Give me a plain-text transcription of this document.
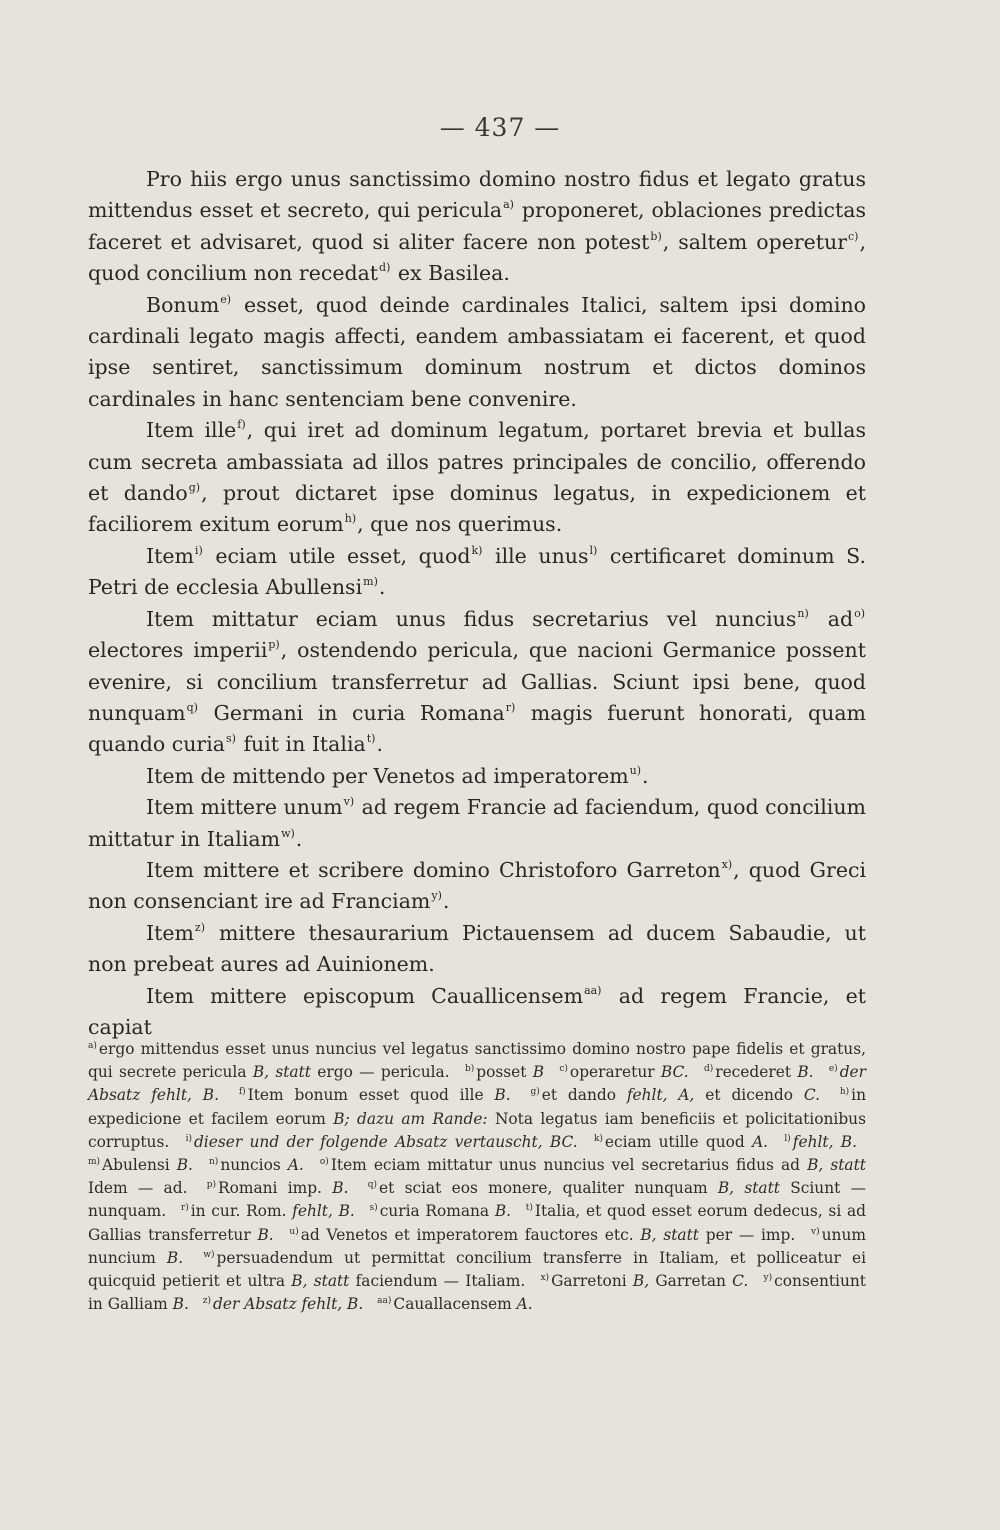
— 437 —

Pro hiis ergo unus sanctissimo domino nostro fidus et legato gratus mittendus esset et secreto, qui pericula$^{a)}$ proponeret, oblaciones predictas faceret et advisaret, quod si aliter facere non potest$^{b)}$, saltem operetur$^{c)}$, quod concilium non recedat$^{d)}$ ex Basilea.

Bonum$^{e)}$ esset, quod deinde cardinales Italici, saltem ipsi domino cardinali legato magis affecti, eandem ambassiatam ei facerent, et quod ipse sentiret, sanctissimum dominum nostrum et dictos dominos cardinales in hanc sentenciam bene convenire.

Item ille$^{f)}$, qui iret ad dominum legatum, portaret brevia et bullas cum secreta ambassiata ad illos patres principales de concilio, offerendo et dando$^{g)}$, prout dictaret ipse dominus legatus, in expedicionem et faciliorem exitum eorum$^{h)}$, que nos querimus.

Item$^{i)}$ eciam utile esset, quod$^{k)}$ ille unus$^{l)}$ certificaret dominum S. Petri de ecclesia Abullensi$^{m)}$.

Item mittatur eciam unus fidus secretarius vel nuncius$^{n)}$ $ad^{o)}$ electores imperii$^{p)}$, ostendendo pericula, que nacioni Germanice possent evenire, si concilium transferretur ad Gallias. Sciunt ipsi bene, quod nunquam$^{q)}$ Germani in curia Romana$^{r)}$ magis fuerunt honorati, quam quando curia$^{s)}$ fuit in Italia$^{t)}$.

Item de mittendo per Venetos ad imperatorem$^{u)}$.

Item mittere unum$^{v)}$ ad regem Francie ad faciendum, quod concilium mittatur in Italiam$^{w)}$.

Item mittere et scribere domino Christoforo Garreton$^{x)}$, quod Greci non consenciant ire ad Franciam$^{y)}$.

Item$^{z)}$ mittere thesaurarium Pictauensem ad ducem Sabaudie, ut non prebeat aures ad Auinionem.

Item mittere episcopum Cauallicensem$^{aa)}$ ad regem Francie, et capiat

$^{a)}$ ergo mittendus esset unus nuncius vel legatus sanctissimo domino nostro pape fidelis et gratus, qui secrete pericula B, statt ergo — pericula. $^{b)}$ posset B $^{c)}$ operaretur BC. $^{d)}$ recederet B. $^{e)}$ der Absatz fehlt, B. $^{f)}$ Item bonum esset quod ille B. $^{g)}$ et dando fehlt, A, et dicendo C. $^{h)}$ in expedicione et facilem eorum B; dazu am Rande: Nota legatus iam beneficiis et policitationibus corruptus. $^{i)}$ dieser und der folgende Absatz vertauscht, BC. $^{k)}$ eciam utille quod A. $^{l)}$ fehlt, B. $^{m)}$ Abulensi B. $^{n)}$ nuncios A. $^{o)}$ Item eciam mittatur unus nuncius vel secretarius fidus ad B, statt Idem — ad. $^{p)}$ Romani imp. B. $^{q)}$ et sciat eos monere, qualiter nunquam B, statt Sciunt — nunquam. $^{r)}$ in cur. Rom. fehlt, B. $^{s)}$ curia Romana B. $^{t)}$ Italia, et quod esset eorum dedecus, si ad Gallias transferretur B. $^{u)}$ ad Venetos et imperatorem fauctores etc. B, statt per — imp. $^{v)}$ unum nuncium B. $^{w)}$ persuadendum ut permittat concilium transferre in Italiam, et polliceatur ei quicquid petierit et ultra B, statt faciendum — Italiam. $^{x)}$ Garretoni B, Garretan C. $^{y)}$ consentiunt in Galliam B. $^{z)}$ der Absatz fehlt, B. $^{aa)}$ Cauallacensem A.
